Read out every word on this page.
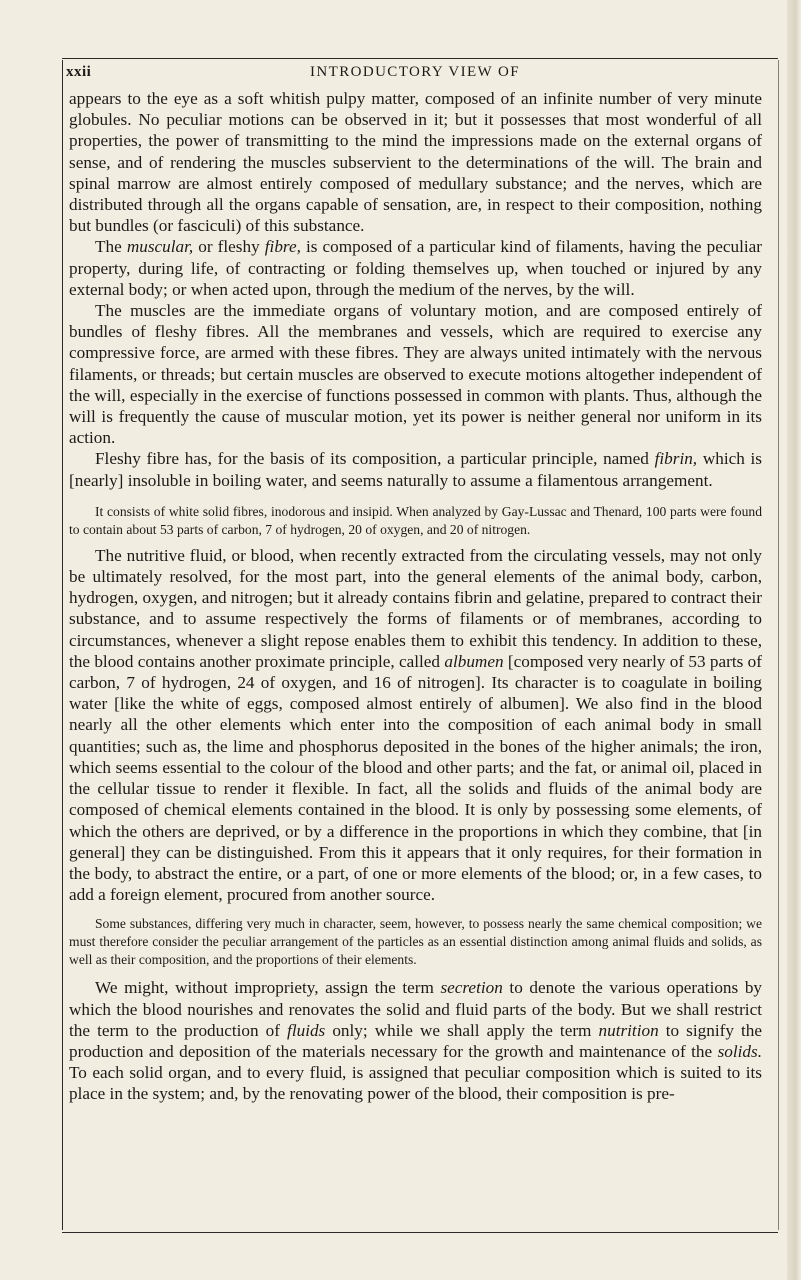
xxii	INTRODUCTORY VIEW OF

appears to the eye as a soft whitish pulpy matter, composed of an infinite number of very minute globules. No peculiar motions can be observed in it; but it possesses that most wonderful of all properties, the power of transmitting to the mind the impressions made on the external organs of sense, and of rendering the muscles subservient to the determinations of the will. The brain and spinal marrow are almost entirely composed of medullary substance; and the nerves, which are distributed through all the organs capable of sensation, are, in respect to their composition, nothing but bundles (or fasciculi) of this substance.

The muscular, or fleshy fibre, is composed of a particular kind of filaments, having the peculiar property, during life, of contracting or folding themselves up, when touched or injured by any external body; or when acted upon, through the medium of the nerves, by the will.

The muscles are the immediate organs of voluntary motion, and are composed entirely of bundles of fleshy fibres. All the membranes and vessels, which are required to exercise any compressive force, are armed with these fibres. They are always united intimately with the nervous filaments, or threads; but certain muscles are observed to execute motions altogether independent of the will, especially in the exercise of functions possessed in common with plants. Thus, although the will is frequently the cause of muscular motion, yet its power is neither general nor uniform in its action.

Fleshy fibre has, for the basis of its composition, a particular principle, named fibrin, which is [nearly] insoluble in boiling water, and seems naturally to assume a filamentous arrangement.

It consists of white solid fibres, inodorous and insipid. When analyzed by Gay-Lussac and Thenard, 100 parts were found to contain about 53 parts of carbon, 7 of hydrogen, 20 of oxygen, and 20 of nitrogen.

The nutritive fluid, or blood, when recently extracted from the circulating vessels, may not only be ultimately resolved, for the most part, into the general elements of the animal body, carbon, hydrogen, oxygen, and nitrogen; but it already contains fibrin and gelatine, prepared to contract their substance, and to assume respectively the forms of filaments or of membranes, according to circumstances, whenever a slight repose enables them to exhibit this tendency. In addition to these, the blood contains another proximate principle, called albumen [composed very nearly of 53 parts of carbon, 7 of hydrogen, 24 of oxygen, and 16 of nitrogen]. Its character is to coagulate in boiling water [like the white of eggs, composed almost entirely of albumen]. We also find in the blood nearly all the other elements which enter into the composition of each animal body in small quantities; such as, the lime and phosphorus deposited in the bones of the higher animals; the iron, which seems essential to the colour of the blood and other parts; and the fat, or animal oil, placed in the cellular tissue to render it flexible. In fact, all the solids and fluids of the animal body are composed of chemical elements contained in the blood. It is only by possessing some elements, of which the others are deprived, or by a difference in the proportions in which they combine, that [in general] they can be distinguished. From this it appears that it only requires, for their formation in the body, to abstract the entire, or a part, of one or more elements of the blood; or, in a few cases, to add a foreign element, procured from another source.

Some substances, differing very much in character, seem, however, to possess nearly the same chemical composition; we must therefore consider the peculiar arrangement of the particles as an essential distinction among animal fluids and solids, as well as their composition, and the proportions of their elements.

We might, without impropriety, assign the term secretion to denote the various operations by which the blood nourishes and renovates the solid and fluid parts of the body. But we shall restrict the term to the production of fluids only; while we shall apply the term nutrition to signify the production and deposition of the materials necessary for the growth and maintenance of the solids. To each solid organ, and to every fluid, is assigned that peculiar composition which is suited to its place in the system; and, by the renovating power of the blood, their composition is pre-
